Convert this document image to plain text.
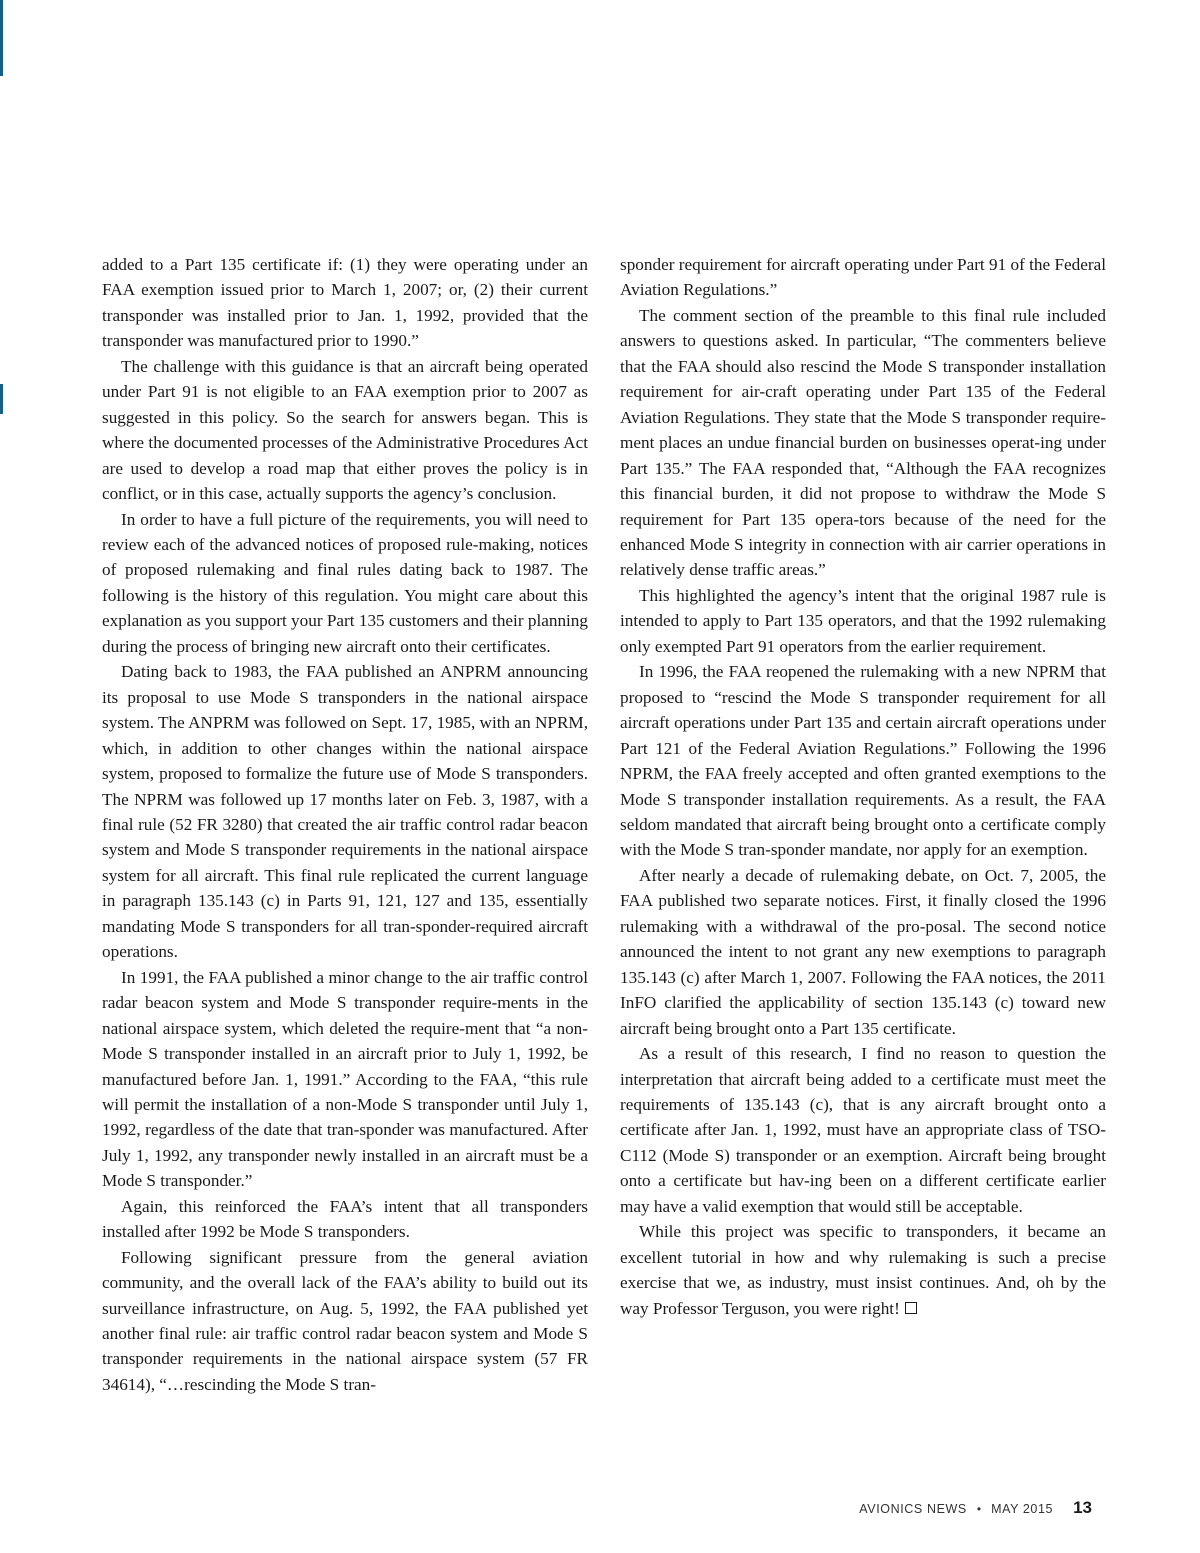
added to a Part 135 certificate if: (1) they were operating under an FAA exemption issued prior to March 1, 2007; or, (2) their current transponder was installed prior to Jan. 1, 1992, provided that the transponder was manufactured prior to 1990.”

The challenge with this guidance is that an aircraft being operated under Part 91 is not eligible to an FAA exemption prior to 2007 as suggested in this policy. So the search for answers began. This is where the documented processes of the Administrative Procedures Act are used to develop a road map that either proves the policy is in conflict, or in this case, actually supports the agency’s conclusion.

In order to have a full picture of the requirements, you will need to review each of the advanced notices of proposed rule-making, notices of proposed rulemaking and final rules dating back to 1987. The following is the history of this regulation. You might care about this explanation as you support your Part 135 customers and their planning during the process of bringing new aircraft onto their certificates.

Dating back to 1983, the FAA published an ANPRM announcing its proposal to use Mode S transponders in the national airspace system. The ANPRM was followed on Sept. 17, 1985, with an NPRM, which, in addition to other changes within the national airspace system, proposed to formalize the future use of Mode S transponders. The NPRM was followed up 17 months later on Feb. 3, 1987, with a final rule (52 FR 3280) that created the air traffic control radar beacon system and Mode S transponder requirements in the national airspace system for all aircraft. This final rule replicated the current language in paragraph 135.143 (c) in Parts 91, 121, 127 and 135, essentially mandating Mode S transponders for all tran-sponder-required aircraft operations.

In 1991, the FAA published a minor change to the air traffic control radar beacon system and Mode S transponder require-ments in the national airspace system, which deleted the require-ment that “a non-Mode S transponder installed in an aircraft prior to July 1, 1992, be manufactured before Jan. 1, 1991.” According to the FAA, “this rule will permit the installation of a non-Mode S transponder until July 1, 1992, regardless of the date that tran-sponder was manufactured. After July 1, 1992, any transponder newly installed in an aircraft must be a Mode S transponder.”

Again, this reinforced the FAA’s intent that all transponders installed after 1992 be Mode S transponders.

Following significant pressure from the general aviation community, and the overall lack of the FAA’s ability to build out its surveillance infrastructure, on Aug. 5, 1992, the FAA published yet another final rule: air traffic control radar beacon system and Mode S transponder requirements in the national airspace system (57 FR 34614), “…rescinding the Mode S tran-

sponder requirement for aircraft operating under Part 91 of the Federal Aviation Regulations.”

The comment section of the preamble to this final rule included answers to questions asked. In particular, “The commenters believe that the FAA should also rescind the Mode S transponder installation requirement for air-craft operating under Part 135 of the Federal Aviation Regulations. They state that the Mode S transponder require-ment places an undue financial burden on businesses operat-ing under Part 135.” The FAA responded that, “Although the FAA recognizes this financial burden, it did not propose to withdraw the Mode S requirement for Part 135 opera-tors because of the need for the enhanced Mode S integrity in connection with air carrier operations in relatively dense traffic areas.”

This highlighted the agency’s intent that the original 1987 rule is intended to apply to Part 135 operators, and that the 1992 rulemaking only exempted Part 91 operators from the earlier requirement.

In 1996, the FAA reopened the rulemaking with a new NPRM that proposed to “rescind the Mode S transponder requirement for all aircraft operations under Part 135 and certain aircraft operations under Part 121 of the Federal Aviation Regulations.” Following the 1996 NPRM, the FAA freely accepted and often granted exemptions to the Mode S transponder installation requirements. As a result, the FAA seldom mandated that aircraft being brought onto a certificate comply with the Mode S tran-sponder mandate, nor apply for an exemption.

After nearly a decade of rulemaking debate, on Oct. 7, 2005, the FAA published two separate notices. First, it finally closed the 1996 rulemaking with a withdrawal of the pro-posal. The second notice announced the intent to not grant any new exemptions to paragraph 135.143 (c) after March 1, 2007. Following the FAA notices, the 2011 InFO clarified the applicability of section 135.143 (c) toward new aircraft being brought onto a Part 135 certificate.

As a result of this research, I find no reason to question the interpretation that aircraft being added to a certificate must meet the requirements of 135.143 (c), that is any aircraft brought onto a certificate after Jan. 1, 1992, must have an appropriate class of TSO-C112 (Mode S) transponder or an exemption. Aircraft being brought onto a certificate but hav-ing been on a different certificate earlier may have a valid exemption that would still be acceptable.

While this project was specific to transponders, it became an excellent tutorial in how and why rulemaking is such a precise exercise that we, as industry, must insist continues. And, oh by the way Professor Terguson, you were right!

AVIONICS NEWS • MAY 2015 13
